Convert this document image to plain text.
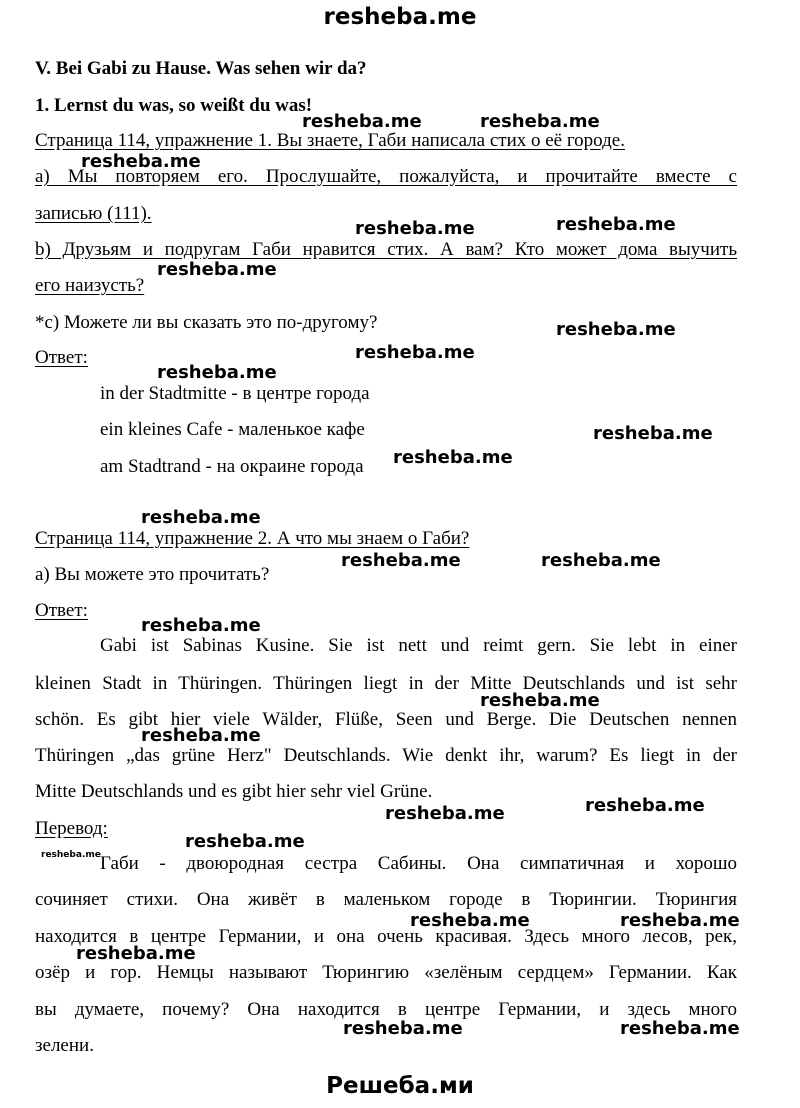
resheba.me
V. Bei Gabi zu Hause. Was sehen wir da?
1. Lernst du was, so weißt du was!
Страница 114, упражнение 1. Вы знаете, Габи написала стих о её городе.
a) Мы повторяем его. Прослушайте, пожалуйста, и прочитайте вместе с
записью (111).
b) Друзьям и подругам Габи нравится стих. А вам? Кто может дома выучить
его наизусть?
*c) Можете ли вы сказать это по-другому?
Ответ:
in der Stadtmitte - в центре города
ein kleines Cafe - маленькое кафе
am Stadtrand - на окраине города
Страница 114, упражнение 2. А что мы знаем о Габи?
a) Вы можете это прочитать?
Ответ:
Gabi ist Sabinas Kusine. Sie ist nett und reimt gern. Sie lebt in einer
kleinen Stadt in Thüringen. Thüringen liegt in der Mitte Deutschlands und ist sehr
schön. Es gibt hier viele Wälder, Flüße, Seen und Berge. Die Deutschen nennen
Thüringen „das grüne Herz" Deutschlands. Wie denkt ihr, warum? Es liegt in der
Mitte Deutschlands und es gibt hier sehr viel Grüne.
Перевод:
Габи - двоюродная сестра Сабины. Она симпатичная и хорошо
сочиняет стихи. Она живёт в маленьком городе в Тюрингии. Тюрингия
находится в центре Германии, и она очень красивая. Здесь много лесов, рек,
озёр и гор. Немцы называют Тюрингию «зелёным сердцем» Германии. Как
вы думаете, почему? Она находится в центре Германии, и здесь много
зелени.
Решеба.ми
resheba.me	resheba.me
resheba.me
resheba.me	resheba.me
resheba.me
resheba.me
resheba.me
resheba.me
resheba.me
resheba.me
resheba.me
resheba.me	resheba.me
resheba.me
resheba.me
resheba.me
resheba.me
resheba.me
resheba.me
resheba.me	resheba.me
resheba.me
resheba.me	resheba.me
resheba.me
